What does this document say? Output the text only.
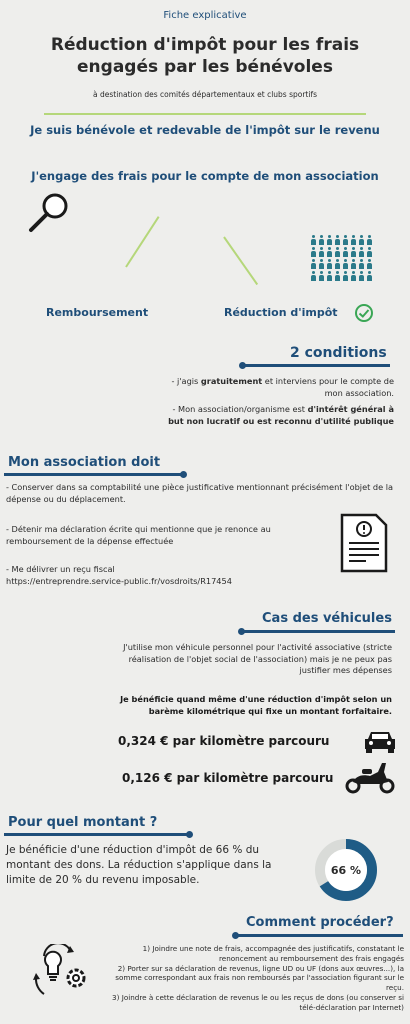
Fiche explicative
Réduction d'impôt pour les frais
engagés par les bénévoles
à destination des comités départementaux et clubs sportifs
Je suis bénévole et redevable de l'impôt sur le revenu
J'engage des frais pour le compte de mon association
Remboursement	Réduction d'impôt
2 conditions
- j'agis gratuitement et interviens pour le compte de mon association.
- Mon association/organisme est d'intérêt général à but non lucratif ou est reconnu d'utilité publique
Mon association doit
- Conserver dans sa comptabilité une pièce justificative mentionnant précisément l'objet de la dépense ou du déplacement.
- Détenir ma déclaration écrite qui mentionne que je renonce au remboursement de la dépense effectuée
- Me délivrer un reçu fiscal
https://entreprendre.service-public.fr/vosdroits/R17454
Cas des véhicules
J'utilise mon véhicule personnel pour l'activité associative (stricte réalisation de l'objet social de l'association) mais je ne peux pas justifier mes dépenses
Je bénéficie quand même d'une réduction d'impôt selon un barème kilométrique qui fixe un montant forfaitaire.
0,324 € par kilomètre parcouru
0,126 € par kilomètre parcouru
Pour quel montant ?
Je bénéficie d'une réduction d'impôt de 66 % du montant des dons. La réduction s'applique dans la limite de 20 % du revenu imposable.
66 %
Comment procéder?
1) Joindre une note de frais, accompagnée des justificatifs, constatant le renoncement au remboursement des frais engagés
2) Porter sur sa déclaration de revenus, ligne UD ou UF (dons aux œuvres...), la somme correspondant aux frais non remboursés par l'association figurant sur le reçu.
3) Joindre à cette déclaration de revenus le ou les reçus de dons (ou conserver si télé-déclaration par Internet)
